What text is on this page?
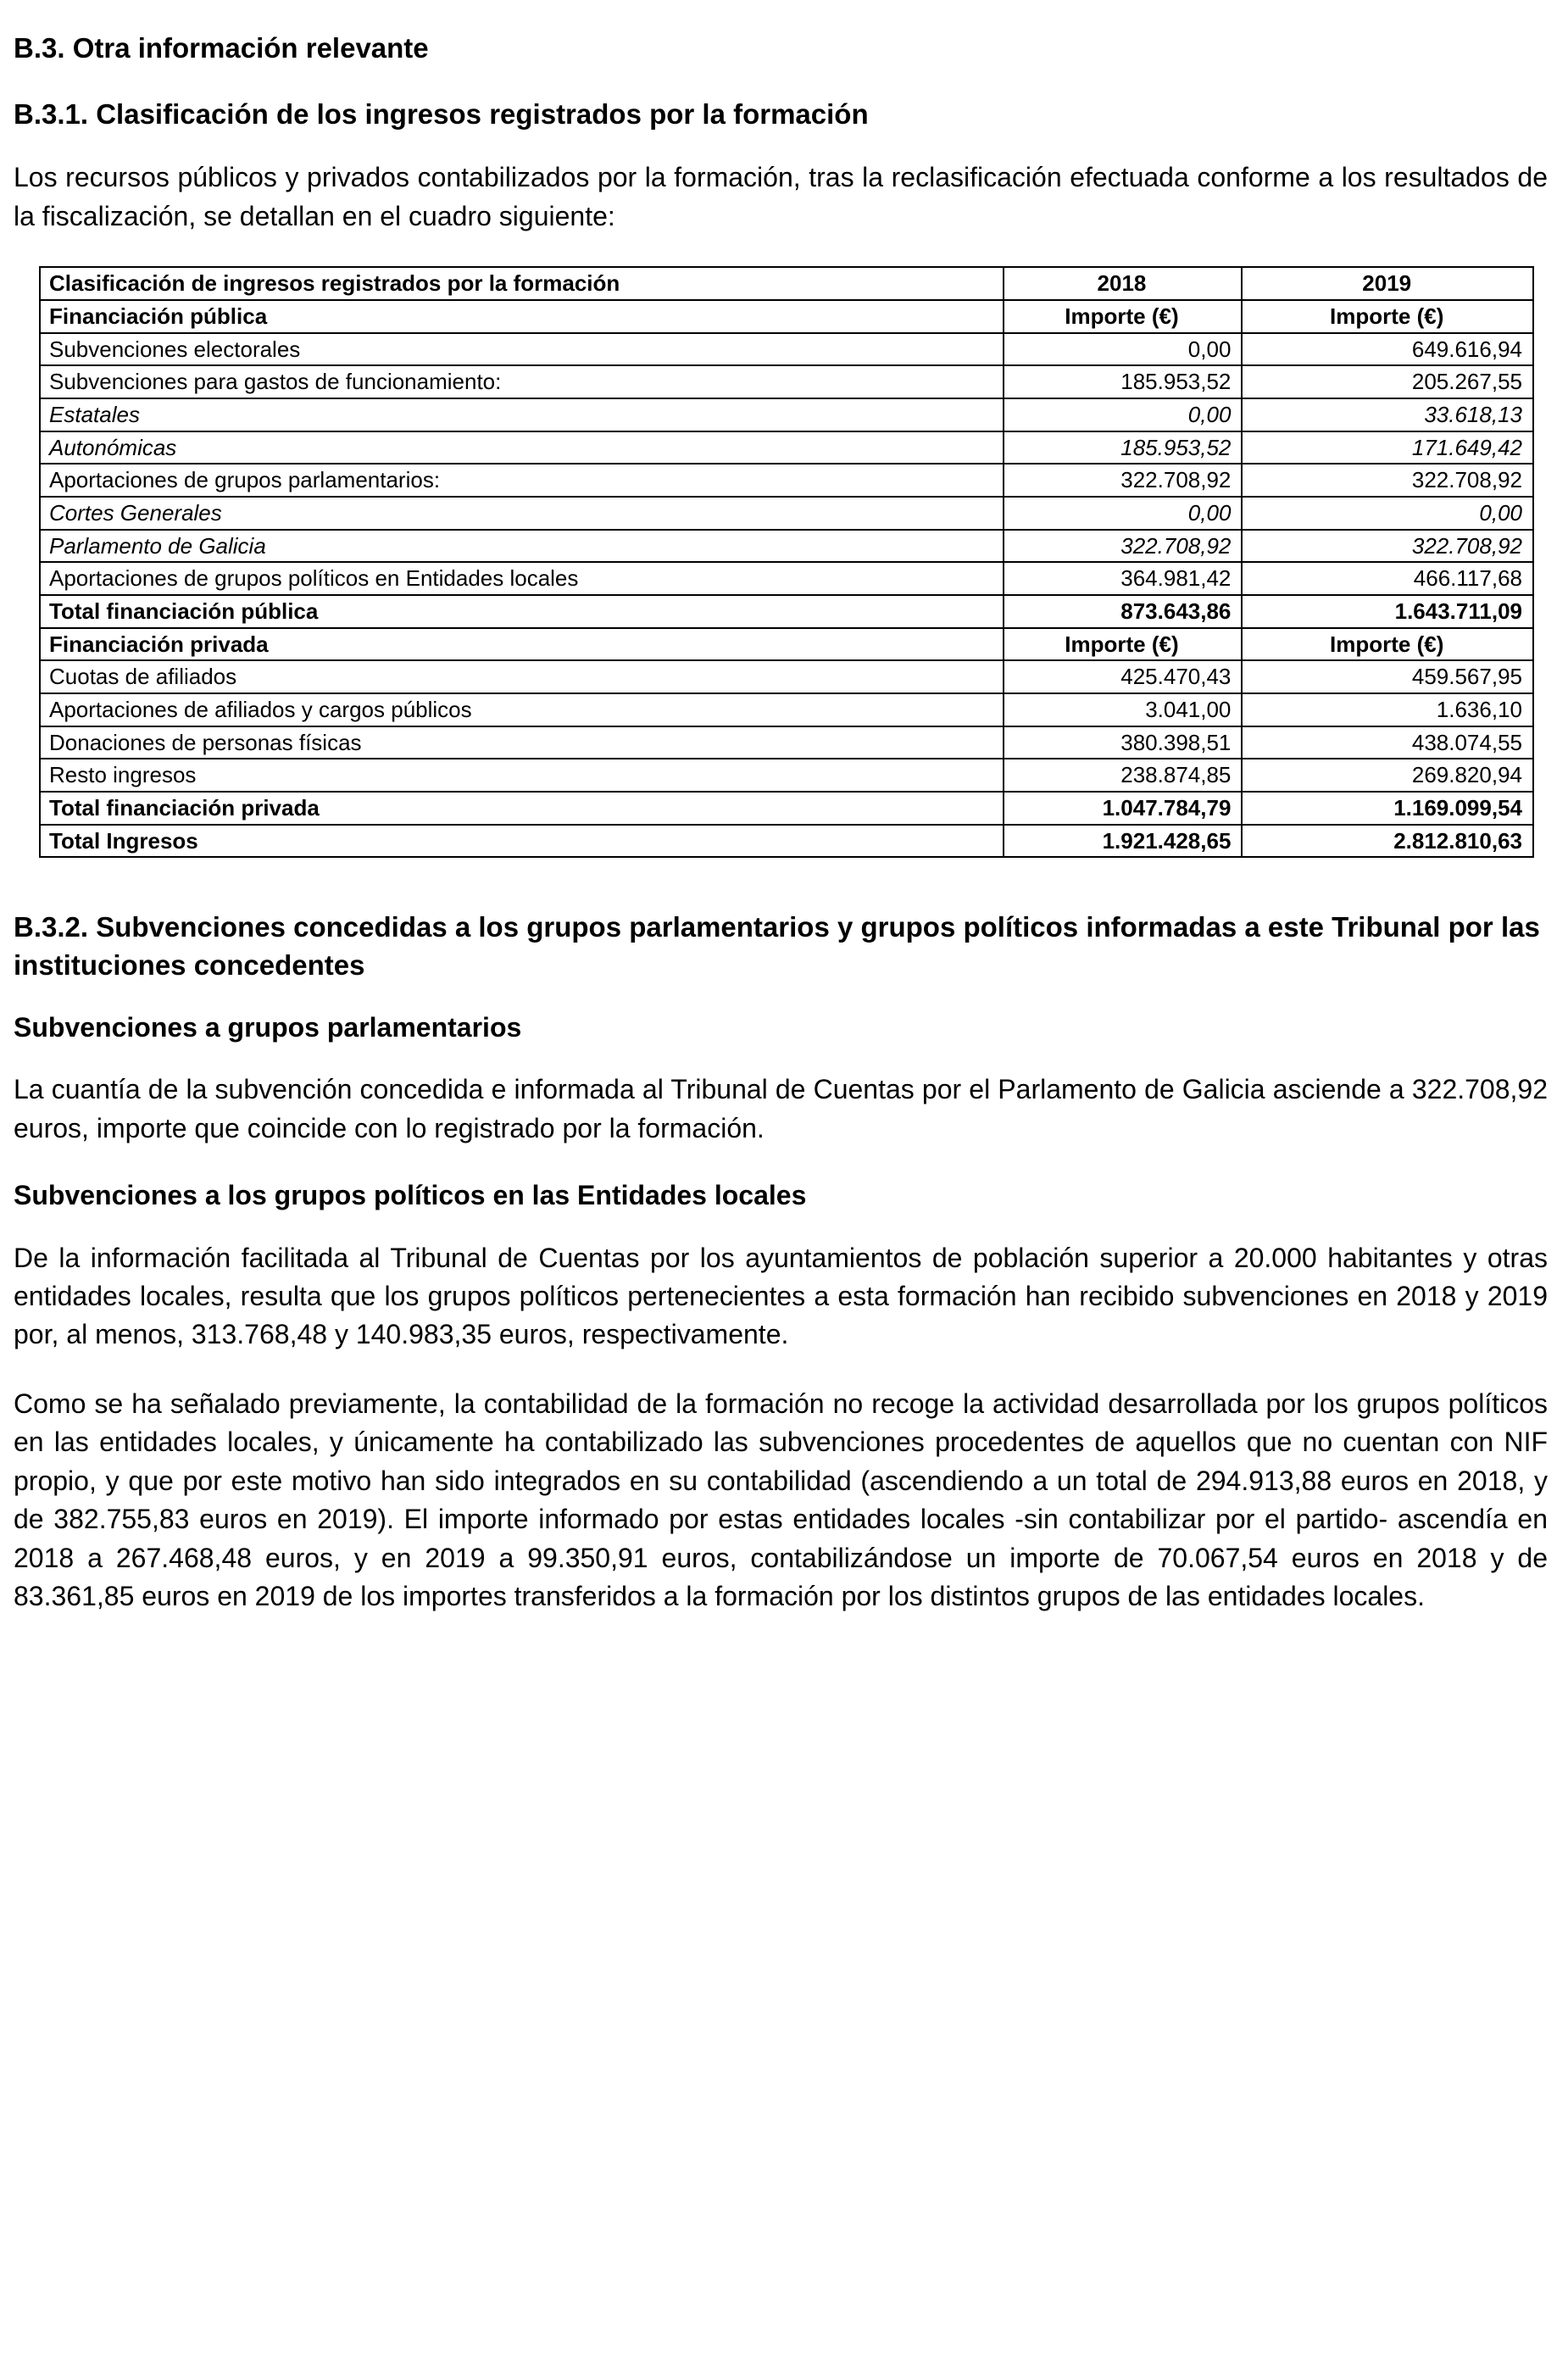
B.3. Otra información relevante
B.3.1. Clasificación de los ingresos registrados por la formación

Los recursos públicos y privados contabilizados por la formación, tras la reclasificación efectuada conforme a los resultados de la fiscalización, se detallan en el cuadro siguiente:

Clasificación de ingresos registrados por la formación	2018	2019
Financiación pública	Importe (€)	Importe (€)
Subvenciones electorales	0,00	649.616,94
Subvenciones para gastos de funcionamiento:	185.953,52	205.267,55
Estatales	0,00	33.618,13
Autonómicas	185.953,52	171.649,42
Aportaciones de grupos parlamentarios:	322.708,92	322.708,92
Cortes Generales	0,00	0,00
Parlamento de Galicia	322.708,92	322.708,92
Aportaciones de grupos políticos en Entidades locales	364.981,42	466.117,68
Total financiación pública	873.643,86	1.643.711,09
Financiación privada	Importe (€)	Importe (€)
Cuotas de afiliados	425.470,43	459.567,95
Aportaciones de afiliados y cargos públicos	3.041,00	1.636,10
Donaciones de personas físicas	380.398,51	438.074,55
Resto ingresos	238.874,85	269.820,94
Total financiación privada	1.047.784,79	1.169.099,54
Total Ingresos	1.921.428,65	2.812.810,63
B.3.2. Subvenciones concedidas a los grupos parlamentarios y grupos políticos informadas a este Tribunal por las instituciones concedentes
Subvenciones a grupos parlamentarios

La cuantía de la subvención concedida e informada al Tribunal de Cuentas por el Parlamento de Galicia asciende a 322.708,92 euros, importe que coincide con lo registrado por la formación.

Subvenciones a los grupos políticos en las Entidades locales

De la información facilitada al Tribunal de Cuentas por los ayuntamientos de población superior a 20.000 habitantes y otras entidades locales, resulta que los grupos políticos pertenecientes a esta formación han recibido subvenciones en 2018 y 2019 por, al menos, 313.768,48 y 140.983,35 euros, respectivamente.

Como se ha señalado previamente, la contabilidad de la formación no recoge la actividad desarrollada por los grupos políticos en las entidades locales, y únicamente ha contabilizado las subvenciones procedentes de aquellos que no cuentan con NIF propio, y que por este motivo han sido integrados en su contabilidad (ascendiendo a un total de 294.913,88 euros en 2018, y de 382.755,83 euros en 2019). El importe informado por estas entidades locales -sin contabilizar por el partido- ascendía en 2018 a 267.468,48 euros, y en 2019 a 99.350,91 euros, contabilizándose un importe de 70.067,54 euros en 2018 y de 83.361,85 euros en 2019 de los importes transferidos a la formación por los distintos grupos de las entidades locales.
